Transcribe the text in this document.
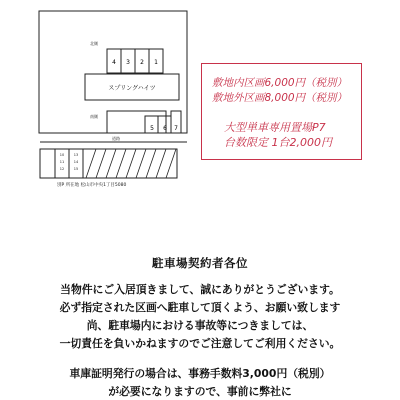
北側
4 3 2 1
スプリングハイツ
南側
5 6 7
道路
10
11
12
13
14
15
別P 所在地 松山市中央1丁目5080
敷地内区画6,000円（税別）
敷地外区画8,000円（税別）
大型単車専用置場P7
台数限定 1台2,000円
駐車場契約者各位
当物件にご入居頂きまして、誠にありがとうございます。
必ず指定された区画へ駐車して頂くよう、お願い致します
尚、駐車場内における事故等につきましては、
一切責任を負いかねますのでご注意してご利用ください。
車庫証明発行の場合は、事務手数料3,000円（税別）
が必要になりますので、事前に弊社に
